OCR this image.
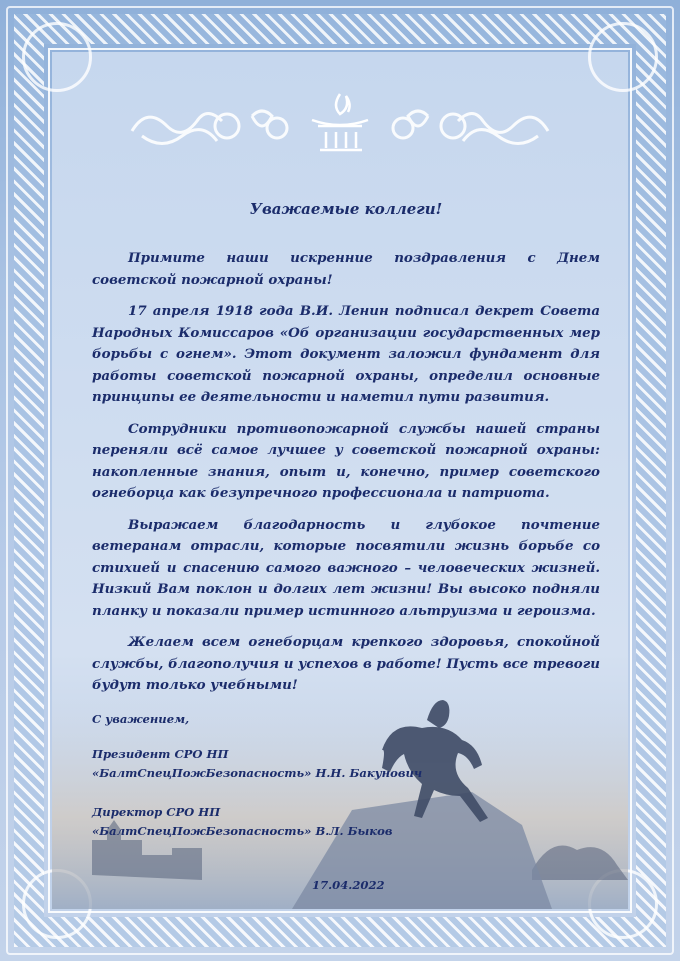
Уважаемые коллеги!

Примите наши искренние поздравления с Днем советской пожарной охраны!

17 апреля 1918 года В.И. Ленин подписал декрет Совета Народных Комиссаров «Об организации государственных мер борьбы с огнем». Этот документ заложил фундамент для работы советской пожарной охраны, определил основные принципы ее деятельности и наметил пути развития.

Сотрудники противопожарной службы нашей страны переняли всё самое лучшее у советской пожарной охраны: накопленные знания, опыт и, конечно, пример советского огнеборца как безупречного профессионала и патриота.

Выражаем благодарность и глубокое почтение ветеранам отрасли, которые посвятили жизнь борьбе со стихией и спасению самого важного – человеческих жизней. Низкий Вам поклон и долгих лет жизни! Вы высоко подняли планку и показали пример истинного альтруизма и героизма.

Желаем всем огнеборцам крепкого здоровья, спокойной службы, благополучия и успехов в работе! Пусть все тревоги будут только учебными!

С уважением,
Президент СРО НП
«БалтСпецПожБезопасность» Н.Н. Бакунович
Директор СРО НП
«БалтСпецПожБезопасность» В.Л. Быков
17.04.2022
